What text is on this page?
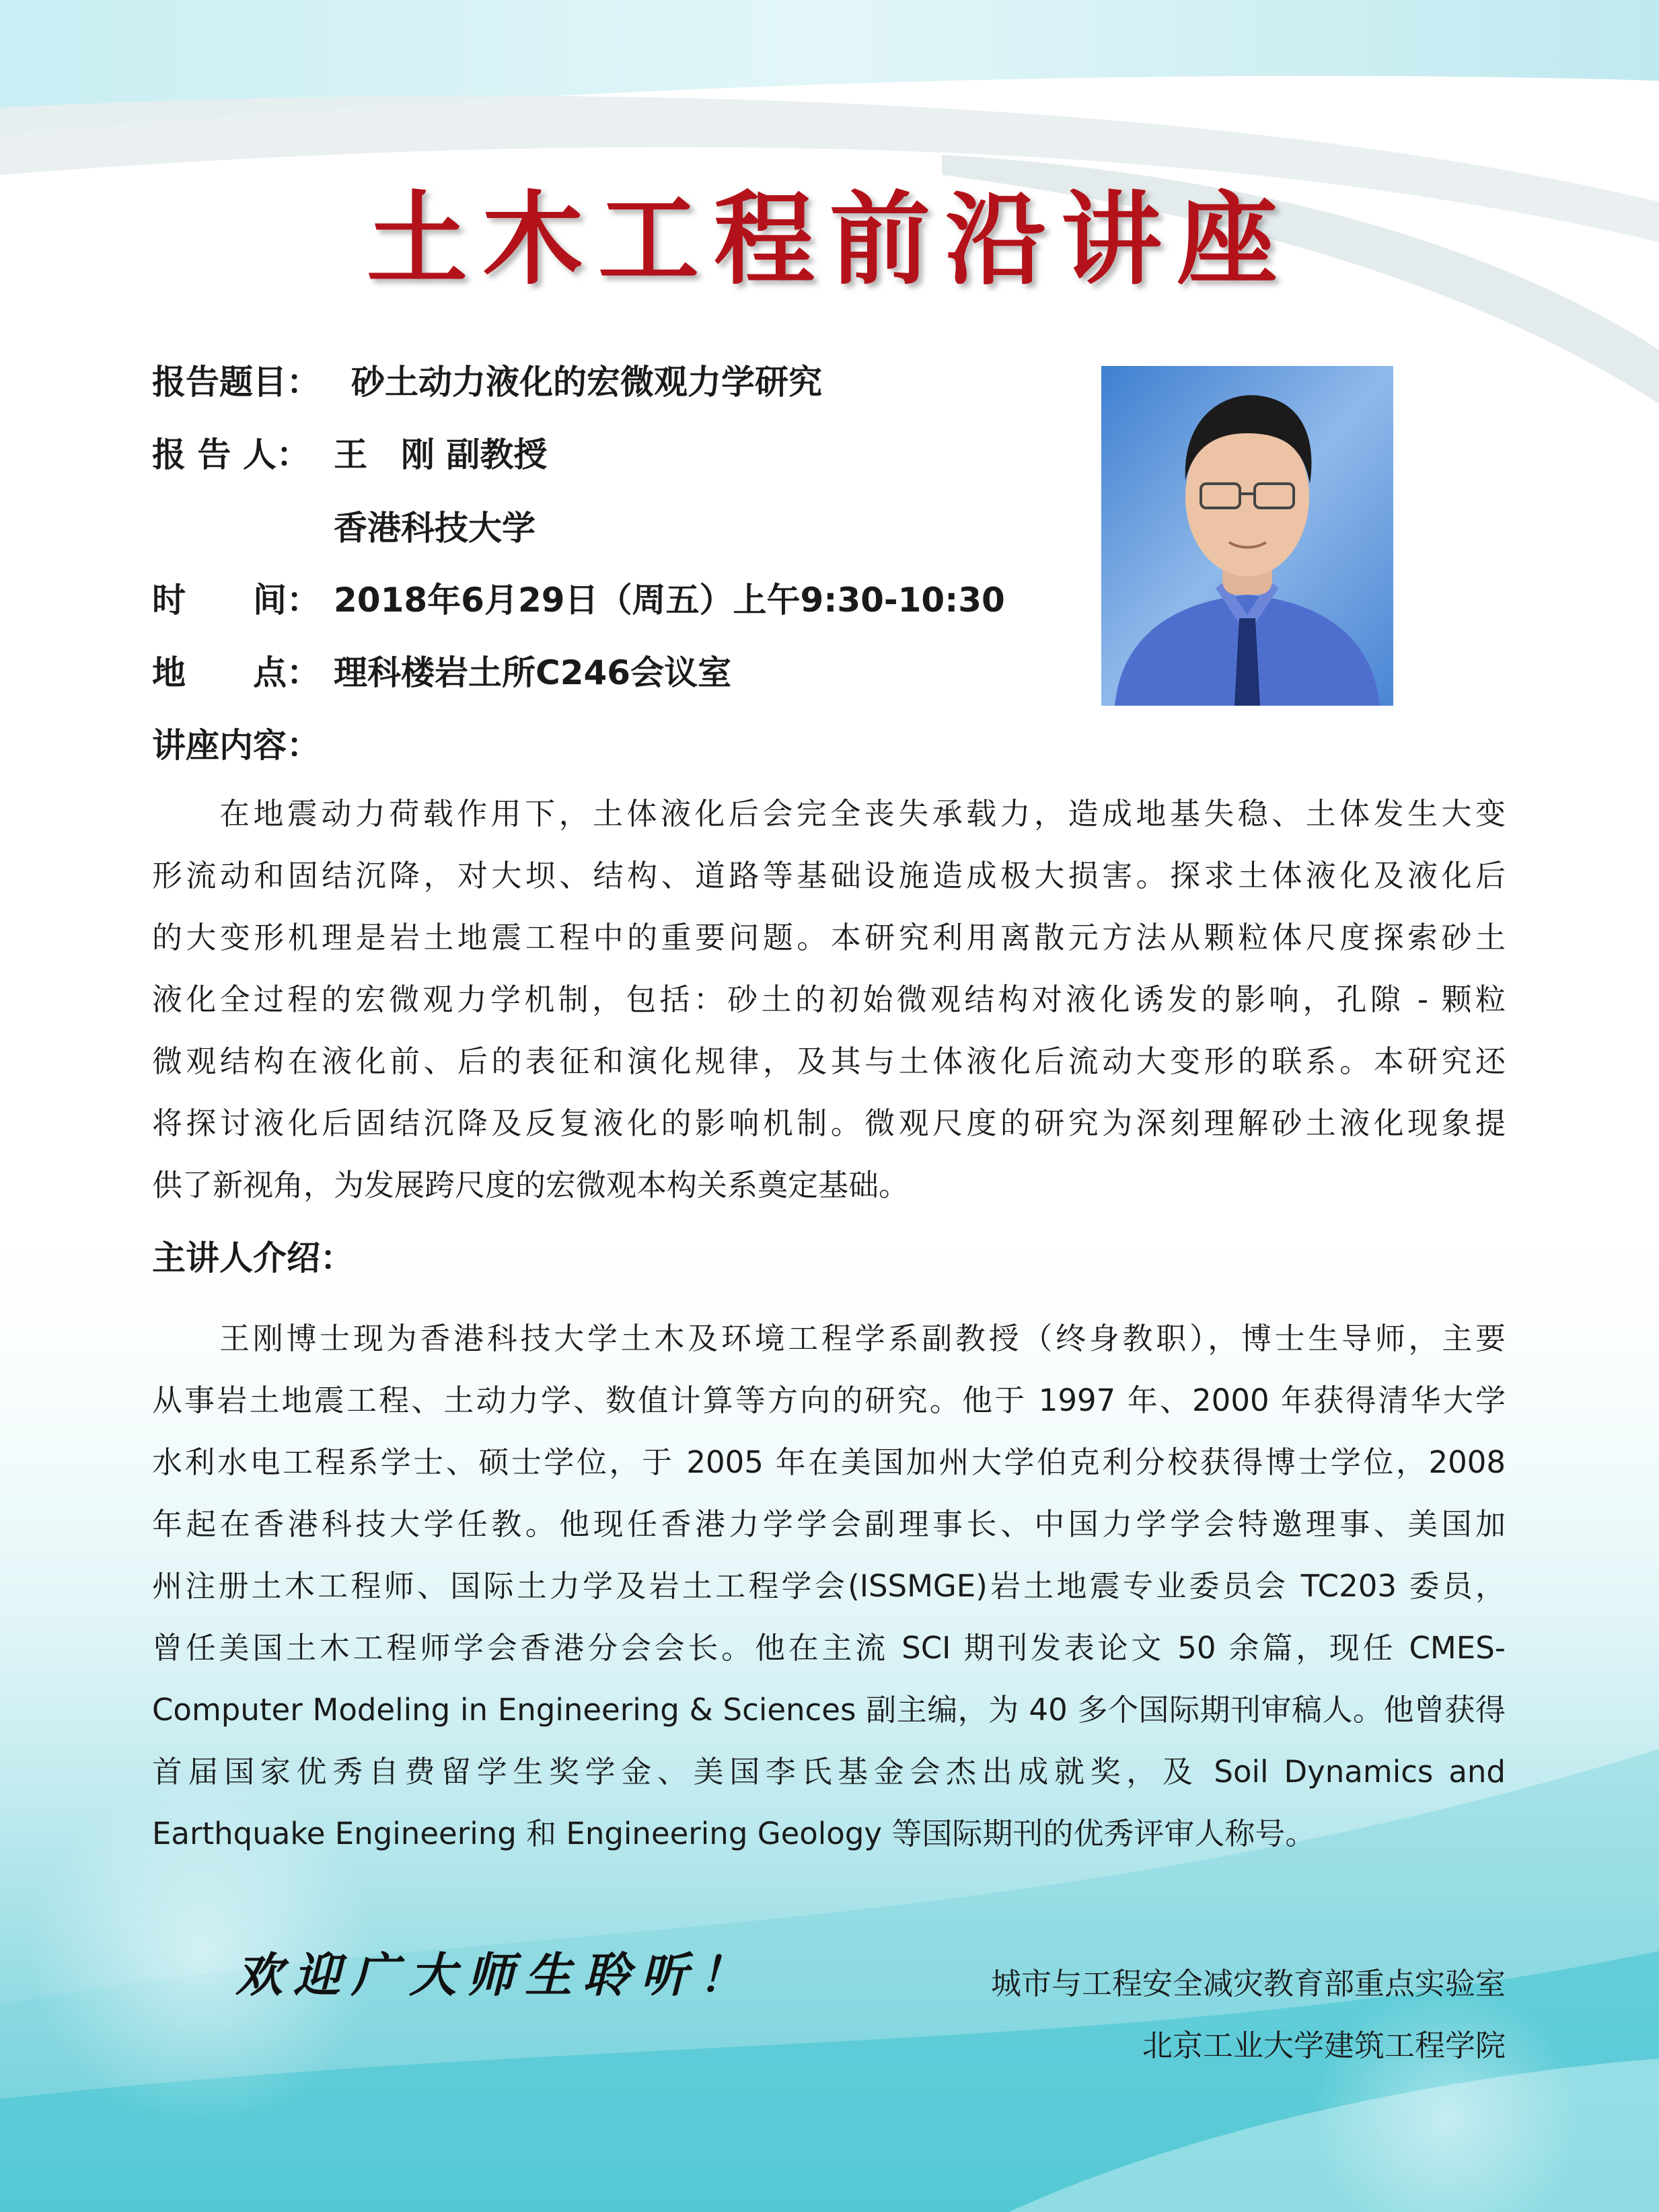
土木工程前沿讲座
报告题目： 砂土动力液化的宏微观力学研究
报 告 人： 王　刚 副教授
香港科技大学
时　　间： 2018年6月29日（周五）上午9:30-10:30
地　　点： 理科楼岩土所C246会议室
讲座内容：
在地震动力荷载作用下，土体液化后会完全丧失承载力，造成地基失稳、土体发生大变
形流动和固结沉降，对大坝、结构、道路等基础设施造成极大损害。探求土体液化及液化后
的大变形机理是岩土地震工程中的重要问题。本研究利用离散元方法从颗粒体尺度探索砂土
液化全过程的宏微观力学机制，包括：砂土的初始微观结构对液化诱发的影响，孔隙 - 颗粒
微观结构在液化前、后的表征和演化规律，及其与土体液化后流动大变形的联系。本研究还
将探讨液化后固结沉降及反复液化的影响机制。微观尺度的研究为深刻理解砂土液化现象提
供了新视角，为发展跨尺度的宏微观本构关系奠定基础。
主讲人介绍：
王刚博士现为香港科技大学土木及环境工程学系副教授（终身教职），博士生导师，主要
从事岩土地震工程、土动力学、数值计算等方向的研究。他于 1997 年、2000 年获得清华大学
水利水电工程系学士、硕士学位，于 2005 年在美国加州大学伯克利分校获得博士学位，2008
年起在香港科技大学任教。他现任香港力学学会副理事长、中国力学学会特邀理事、美国加
州注册土木工程师、国际土力学及岩土工程学会(ISSMGE)岩土地震专业委员会 TC203 委员，
曾任美国土木工程师学会香港分会会长。他在主流 SCI 期刊发表论文 50 余篇，现任 CMES-
Computer Modeling in Engineering & Sciences 副主编，为 40 多个国际期刊审稿人。他曾获得
首届国家优秀自费留学生奖学金、美国李氏基金会杰出成就奖，及 Soil Dynamics and
Earthquake Engineering 和 Engineering Geology 等国际期刊的优秀评审人称号。
欢迎广大师生聆听！	城市与工程安全减灾教育部重点实验室
北京工业大学建筑工程学院
